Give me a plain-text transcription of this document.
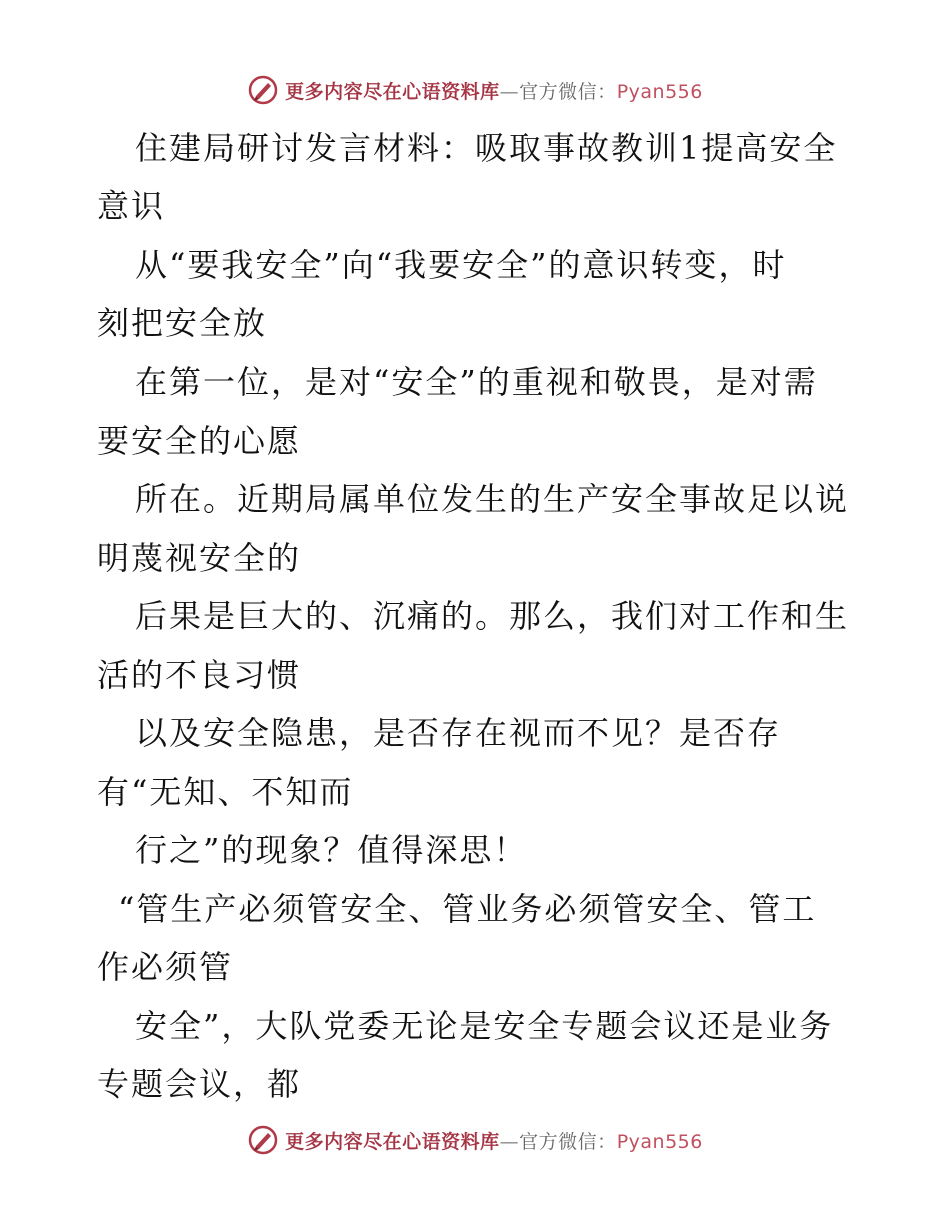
更多内容尽在心语资料库—官方微信：Pyan556
住建局研讨发言材料：吸取事故教训1提高安全
意识
从“要我安全”向“我要安全”的意识转变，时
刻把安全放
在第一位，是对“安全”的重视和敬畏，是对需
要安全的心愿
所在。近期局属单位发生的生产安全事故足以说
明蔑视安全的
后果是巨大的、沉痛的。那么，我们对工作和生
活的不良习惯
以及安全隐患，是否存在视而不见？是否存
有“无知、不知而
行之”的现象？值得深思！
“管生产必须管安全、管业务必须管安全、管工
作必须管
安全”，大队党委无论是安全专题会议还是业务
专题会议，都
更多内容尽在心语资料库—官方微信：Pyan556
